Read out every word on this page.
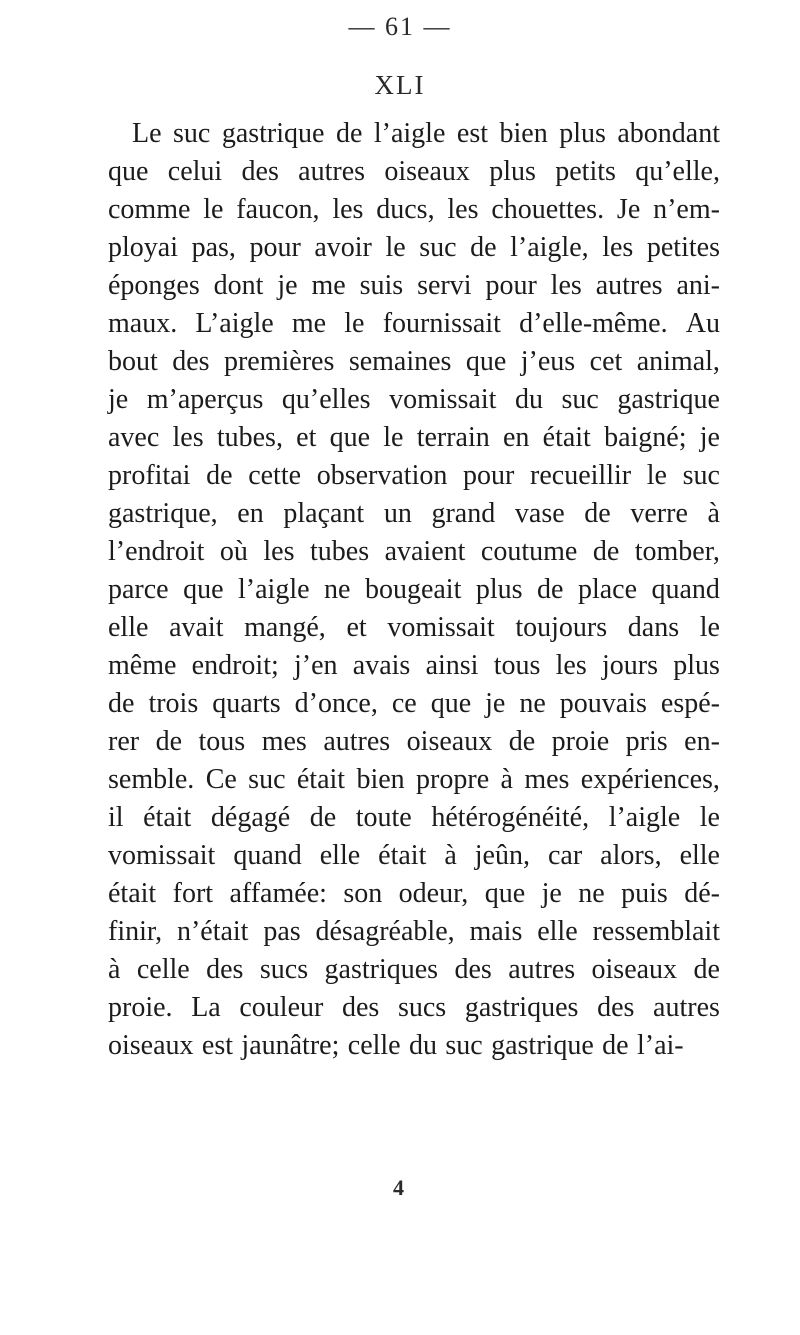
— 61 —
XLI
Le suc gastrique de l’aigle est bien plus abondant
que celui des autres oiseaux plus petits qu’elle,
comme le faucon, les ducs, les chouettes. Je n’em-
ployai pas, pour avoir le suc de l’aigle, les petites
éponges dont je me suis servi pour les autres ani-
maux. L’aigle me le fournissait d’elle-même. Au
bout des premières semaines que j’eus cet animal,
je m’aperçus qu’elles vomissait du suc gastrique
avec les tubes, et que le terrain en était baigné; je
profitai de cette observation pour recueillir le suc
gastrique, en plaçant un grand vase de verre à
l’endroit où les tubes avaient coutume de tomber,
parce que l’aigle ne bougeait plus de place quand
elle avait mangé, et vomissait toujours dans le
même endroit; j’en avais ainsi tous les jours plus
de trois quarts d’once, ce que je ne pouvais espé-
rer de tous mes autres oiseaux de proie pris en-
semble. Ce suc était bien propre à mes expériences,
il était dégagé de toute hétérogénéité, l’aigle le
vomissait quand elle était à jeûn, car alors, elle
était fort affamée: son odeur, que je ne puis dé-
finir, n’était pas désagréable, mais elle ressemblait
à celle des sucs gastriques des autres oiseaux de
proie. La couleur des sucs gastriques des autres
oiseaux est jaunâtre; celle du suc gastrique de l’ai-
4
